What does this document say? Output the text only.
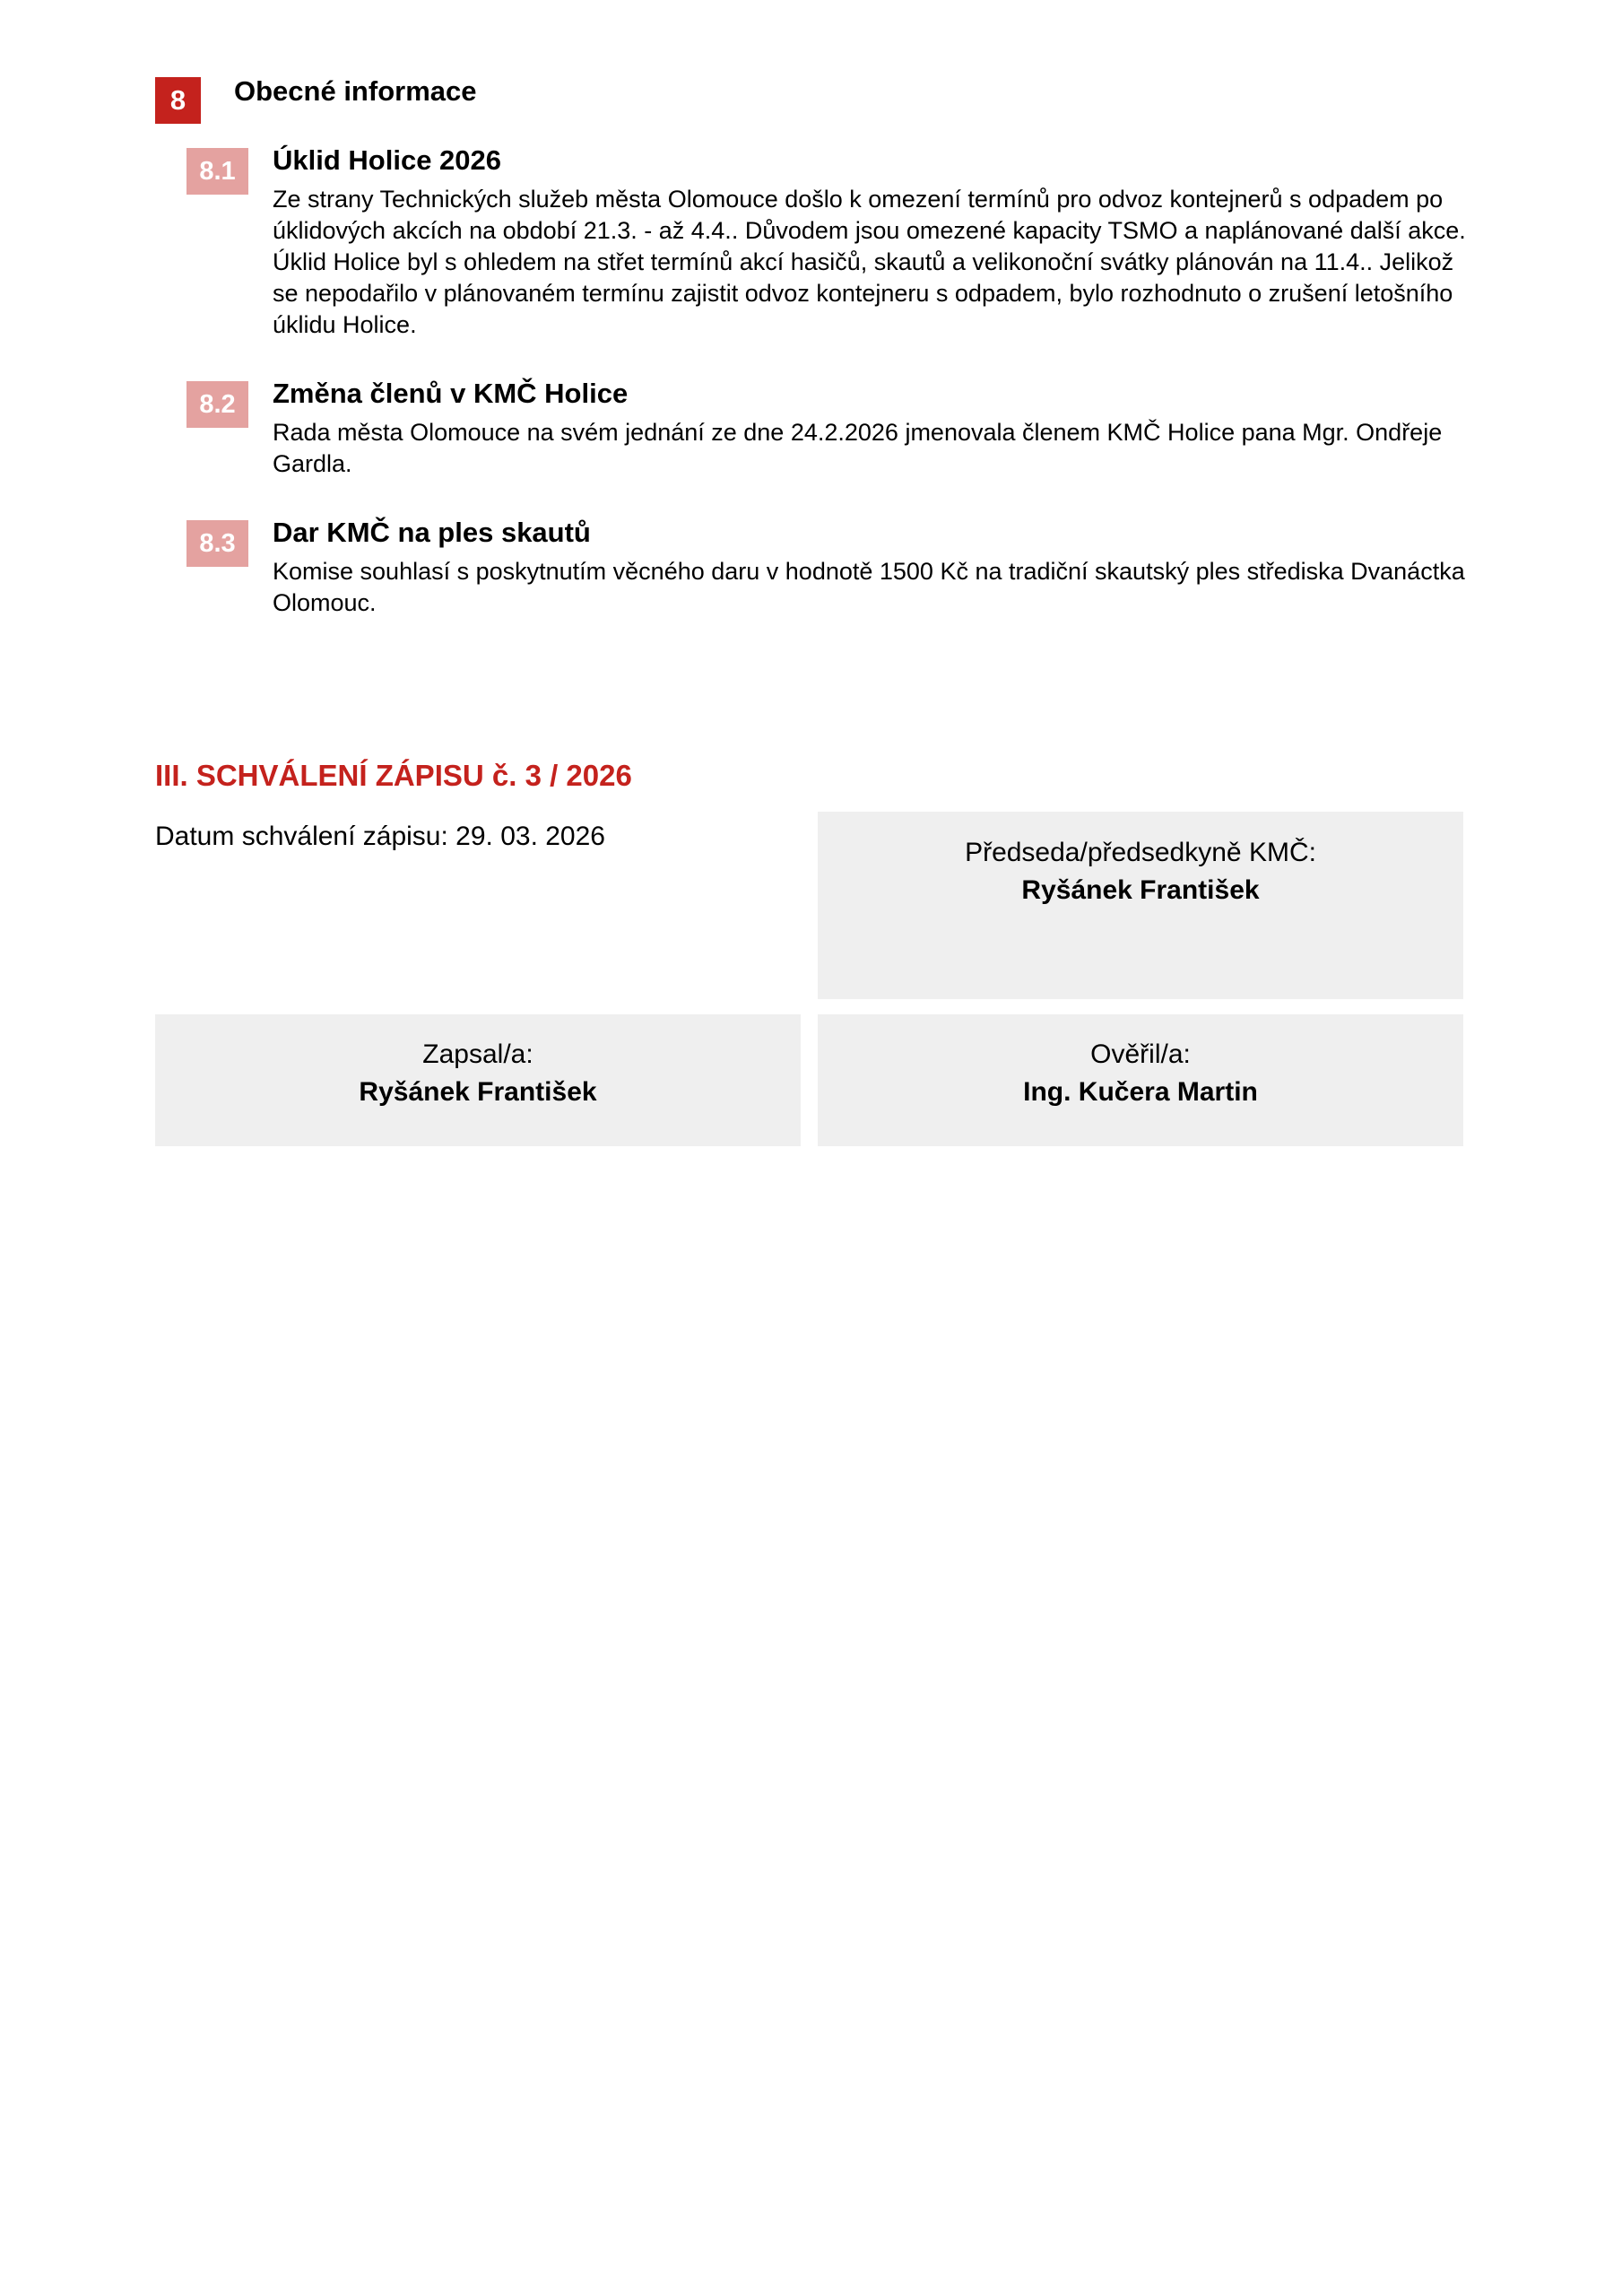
8	Obecné informace
8.1	Úklid Holice 2026

Ze strany Technických služeb města Olomouce došlo k omezení termínů pro odvoz kontejnerů s odpadem po
úklidových akcích na období 21.3. - až 4.4.. Důvodem jsou omezené kapacity TSMO a naplánované další akce.
Úklid Holice byl s ohledem na střet termínů akcí hasičů, skautů a velikonoční svátky plánován na 11.4.. Jelikož
se nepodařilo v plánovaném termínu zajistit odvoz kontejneru s odpadem, bylo rozhodnuto o zrušení letošního
úklidu Holice.

8.2	Změna členů v KMČ Holice

Rada města Olomouce na svém jednání ze dne 24.2.2026 jmenovala členem KMČ Holice pana Mgr. Ondřeje
Gardla.

8.3	Dar KMČ na ples skautů

Komise souhlasí s poskytnutím věcného daru v hodnotě 1500 Kč na tradiční skautský ples střediska Dvanáctka
Olomouc.

III. SCHVÁLENÍ ZÁPISU č. 3 / 2026
Datum schválení zápisu: 29. 03. 2026
Předseda/předsedkyně KMČ:
Ryšánek František
Zapsal/a:
Ryšánek František
Ověřil/a:
Ing. Kučera Martin
